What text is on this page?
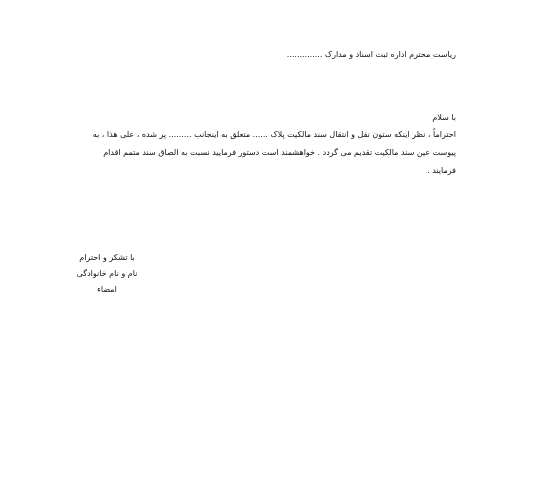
ریاست محترم اداره ثبت اسناد و مدارک ..............
با سلام
احتراماً ، نظر اینکه ستون نقل و انتقال سند مالکیت پلاک ...... متعلق به اینجانب ......... پر شده ، علی هذا ، به
پیوست عین سند مالکیت تقدیم می گردد . خواهشمند است دستور فرمایید نسبت به الصاق سند متمم اقدام
فرمایند .
با تشکر و احترام
نام و نام خانوادگی
امضاء
